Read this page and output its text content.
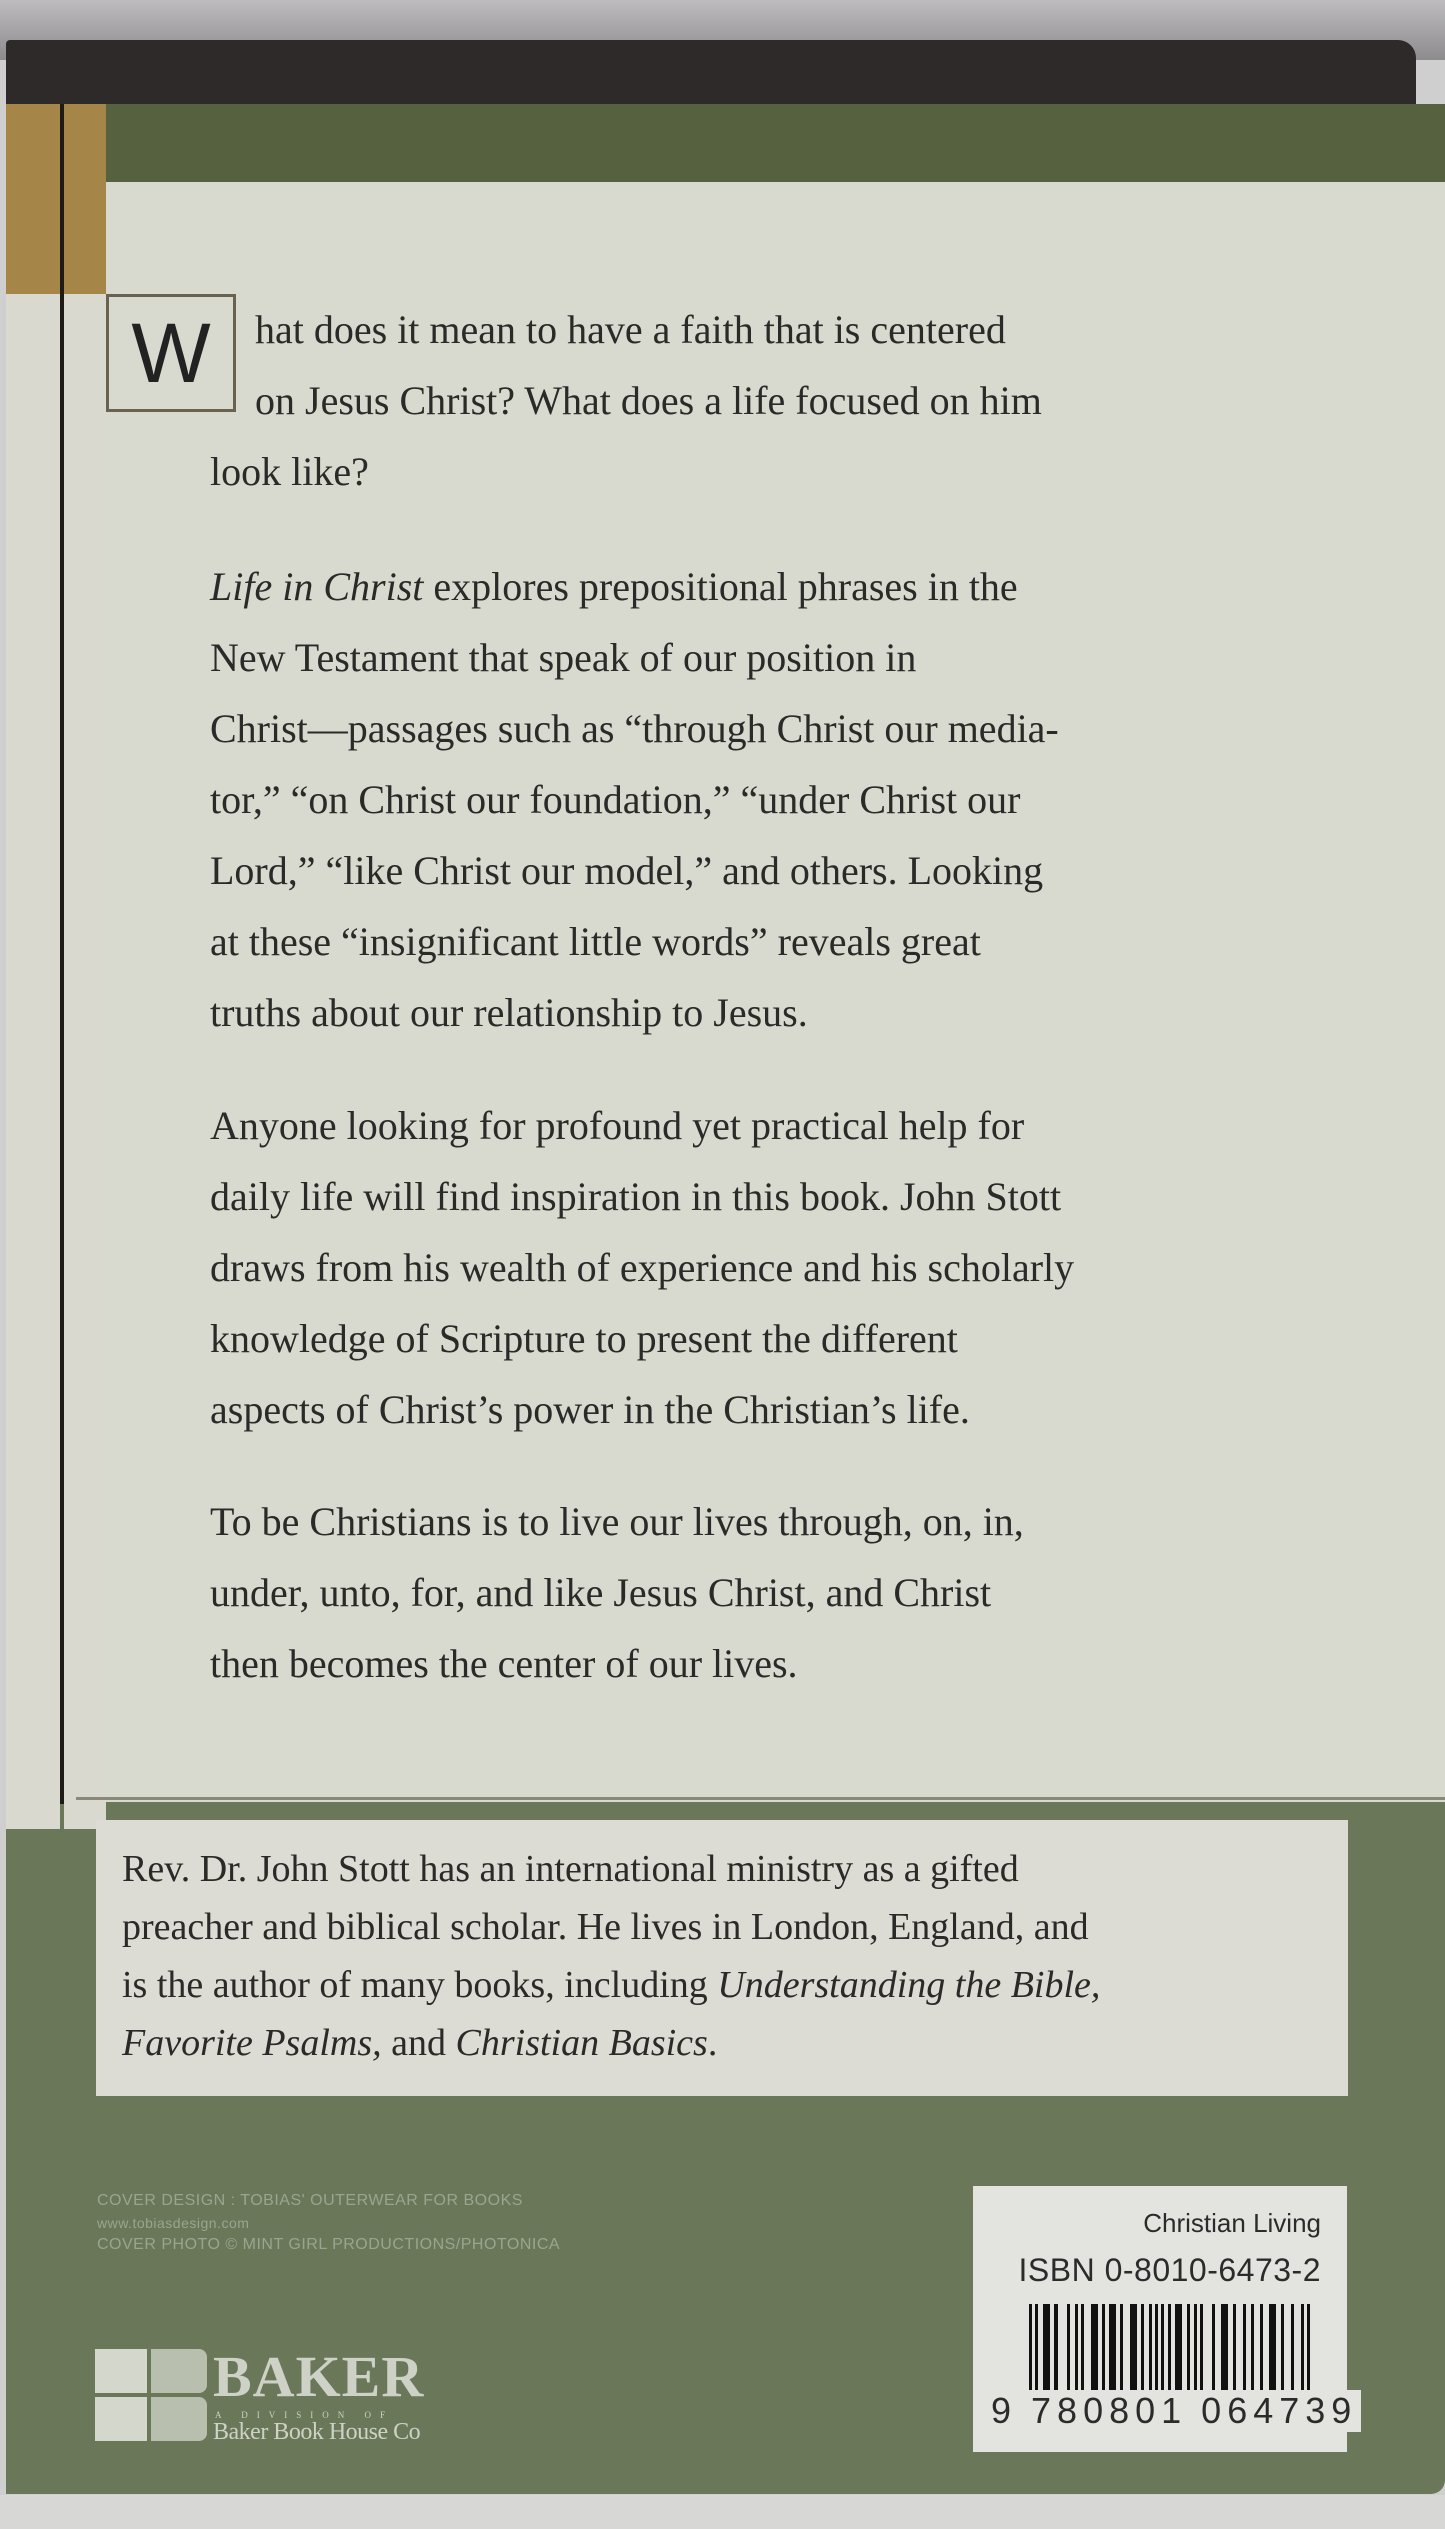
W	hat does it mean to have a faith that is centered
on Jesus Christ? What does a life focused on him
look like?

Life in Christ explores prepositional phrases in the
New Testament that speak of our position in
Christ—passages such as “through Christ our media-
tor,” “on Christ our foundation,” “under Christ our
Lord,” “like Christ our model,” and others. Looking
at these “insignificant little words” reveals great
truths about our relationship to Jesus.

Anyone looking for profound yet practical help for
daily life will find inspiration in this book. John Stott
draws from his wealth of experience and his scholarly
knowledge of Scripture to present the different
aspects of Christ’s power in the Christian’s life.

To be Christians is to live our lives through, on, in,
under, unto, for, and like Jesus Christ, and Christ
then becomes the center of our lives.

Rev. Dr. John Stott has an international ministry as a gifted
preacher and biblical scholar. He lives in London, England, and
is the author of many books, including Understanding the Bible,
Favorite Psalms, and Christian Basics.
COVER DESIGN : TOBIAS' OUTERWEAR FOR BOOKS
www.tobiasdesign.com
COVER PHOTO © MINT GIRL PRODUCTIONS/PHOTONICA
BAKER
A DIVISION OF
Baker Book House Co
Christian Living
ISBN 0-8010-6473-2
9 780801 064739
